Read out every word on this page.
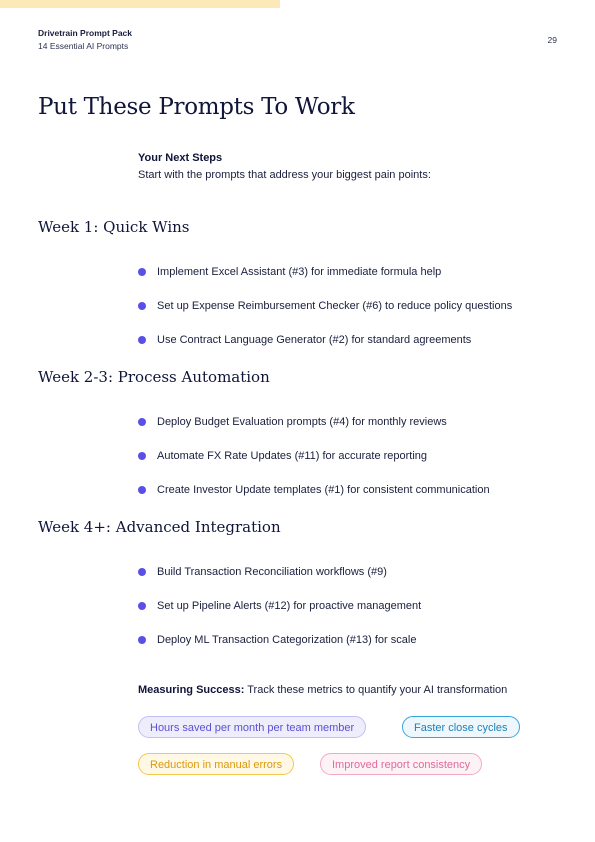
Drivetrain Prompt Pack
14 Essential AI Prompts
29
Put These Prompts To Work
Your Next Steps
Start with the prompts that address your biggest pain points:
Week 1: Quick Wins
Implement Excel Assistant (#3) for immediate formula help
Set up Expense Reimbursement Checker (#6) to reduce policy questions
Use Contract Language Generator (#2) for standard agreements
Week 2-3: Process Automation
Deploy Budget Evaluation prompts (#4) for monthly reviews
Automate FX Rate Updates (#11) for accurate reporting
Create Investor Update templates (#1) for consistent communication
Week 4+: Advanced Integration
Build Transaction Reconciliation workflows (#9)
Set up Pipeline Alerts (#12) for proactive management
Deploy ML Transaction Categorization (#13) for scale
Measuring Success: Track these metrics to quantify your AI transformation
Hours saved per month per team member	Faster close cycles
Reduction in manual errors	Improved report consistency
